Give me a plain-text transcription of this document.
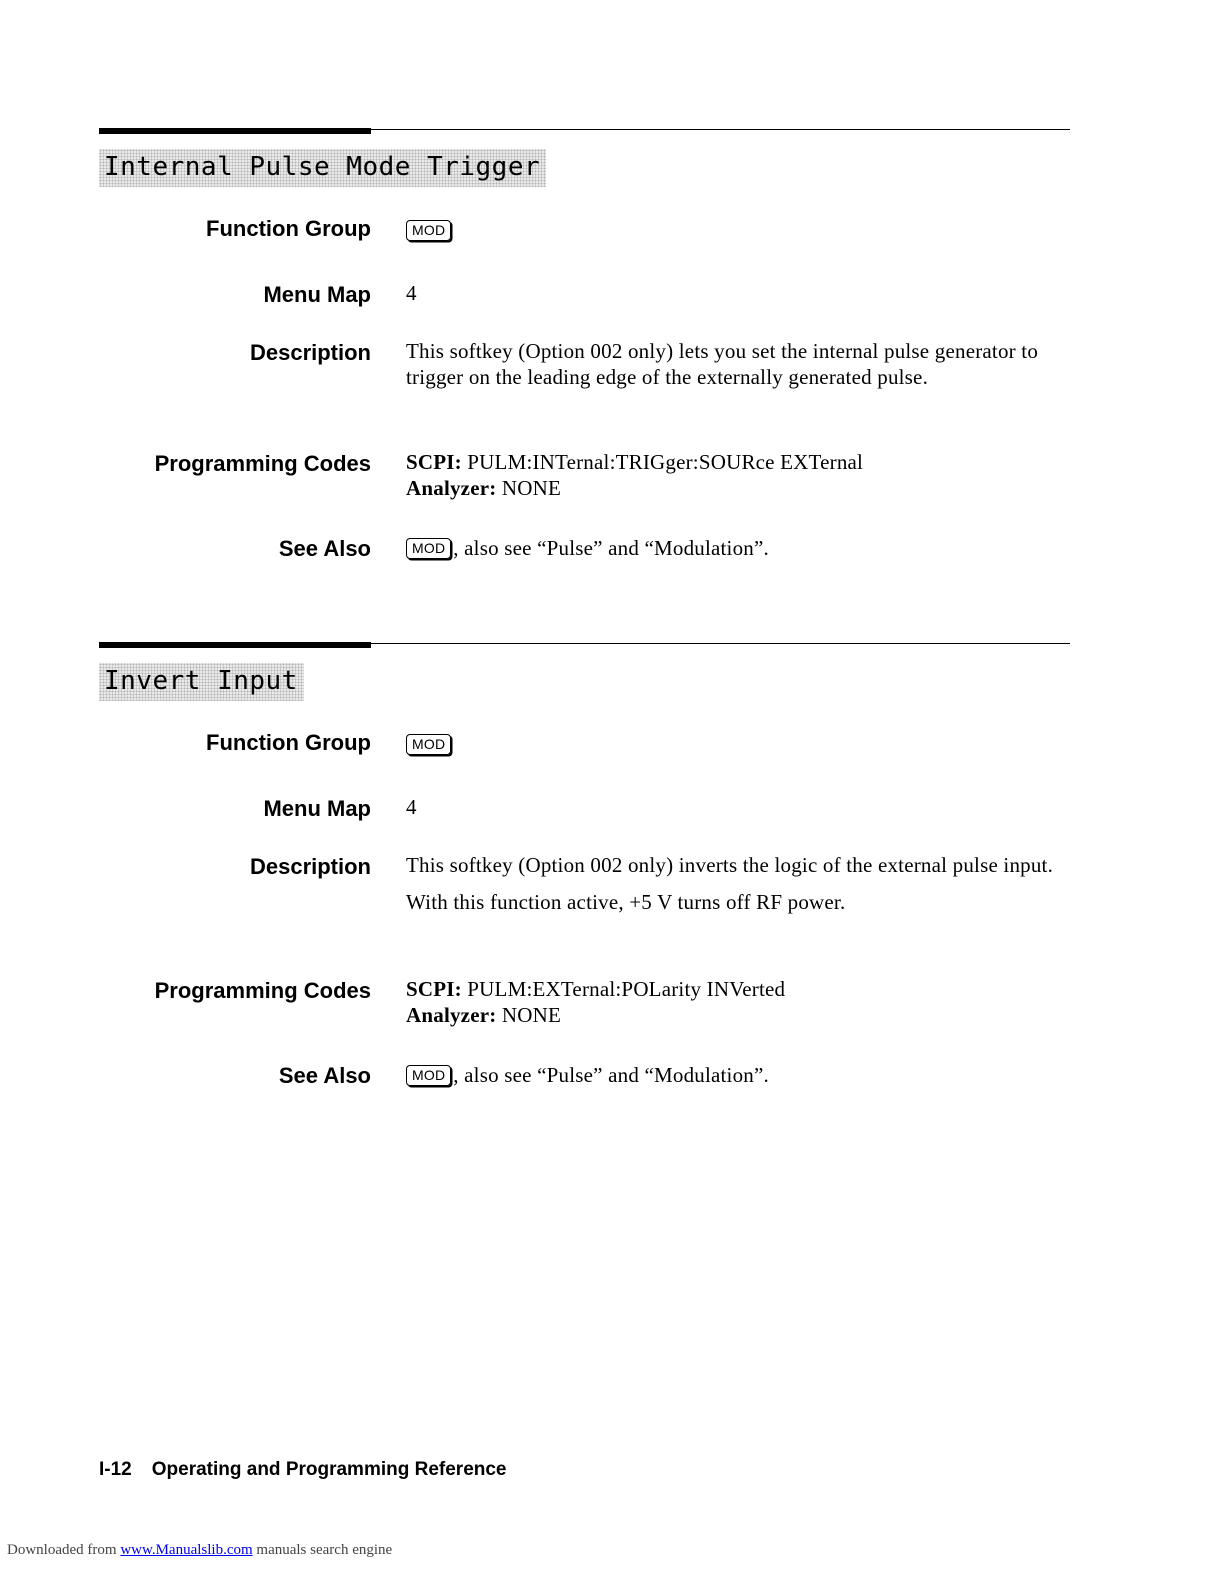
Internal Pulse Mode Trigger
Function Group	MOD
Menu Map 4
Description This softkey (Option 002 only) lets you set the internal pulse generator to trigger on the leading edge of the externally generated pulse.

Programming Codes SCPI: PULM:INTernal:TRIGger:SOURce EXTernal
Analyzer: NONE
See Also	MOD , also see “Pulse” and “Modulation”.
Invert Input
Function Group	MOD
Menu Map 4
Description This softkey (Option 002 only) inverts the logic of the external pulse input.

With this function active, +5 V turns off RF power.

Programming Codes SCPI: PULM:EXTernal:POLarity INVerted
Analyzer: NONE
See Also	MOD , also see “Pulse” and “Modulation”.
I-12 Operating and Programming Reference
Downloaded from www.Manualslib.com manuals search engine
